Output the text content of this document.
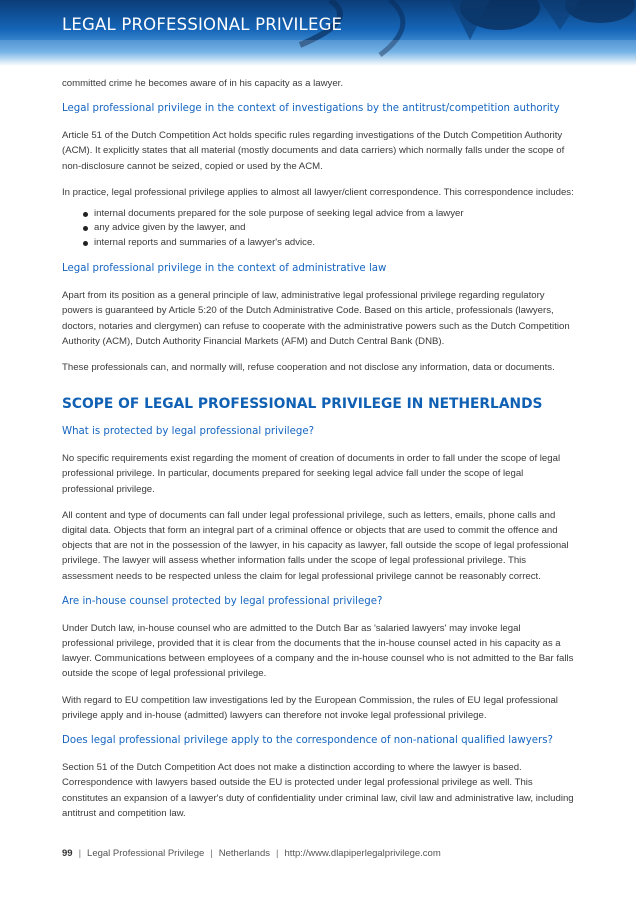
LEGAL PROFESSIONAL PRIVILEGE

committed crime he becomes aware of in his capacity as a lawyer.

Legal professional privilege in the context of investigations by the antitrust/competition authority

Article 51 of the Dutch Competition Act holds specific rules regarding investigations of the Dutch Competition Authority (ACM). It explicitly states that all material (mostly documents and data carriers) which normally falls under the scope of non-disclosure cannot be seized, copied or used by the ACM.

In practice, legal professional privilege applies to almost all lawyer/client correspondence. This correspondence includes:

internal documents prepared for the sole purpose of seeking legal advice from a lawyer
any advice given by the lawyer, and
internal reports and summaries of a lawyer's advice.
Legal professional privilege in the context of administrative law

Apart from its position as a general principle of law, administrative legal professional privilege regarding regulatory powers is guaranteed by Article 5:20 of the Dutch Administrative Code. Based on this article, professionals (lawyers, doctors, notaries and clergymen) can refuse to cooperate with the administrative powers such as the Dutch Competition Authority (ACM), Dutch Authority Financial Markets (AFM) and Dutch Central Bank (DNB).

These professionals can, and normally will, refuse cooperation and not disclose any information, data or documents.

SCOPE OF LEGAL PROFESSIONAL PRIVILEGE IN NETHERLANDS
What is protected by legal professional privilege?

No specific requirements exist regarding the moment of creation of documents in order to fall under the scope of legal professional privilege. In particular, documents prepared for seeking legal advice fall under the scope of legal professional privilege.

All content and type of documents can fall under legal professional privilege, such as letters, emails, phone calls and digital data. Objects that form an integral part of a criminal offence or objects that are used to commit the offence and objects that are not in the possession of the lawyer, in his capacity as lawyer, fall outside the scope of legal professional privilege. The lawyer will assess whether information falls under the scope of legal professional privilege. This assessment needs to be respected unless the claim for legal professional privilege cannot be reasonably correct.

Are in-house counsel protected by legal professional privilege?

Under Dutch law, in-house counsel who are admitted to the Dutch Bar as 'salaried lawyers' may invoke legal professional privilege, provided that it is clear from the documents that the in-house counsel acted in his capacity as a lawyer. Communications between employees of a company and the in-house counsel who is not admitted to the Bar falls outside the scope of legal professional privilege.

With regard to EU competition law investigations led by the European Commission, the rules of EU legal professional privilege apply and in-house (admitted) lawyers can therefore not invoke legal professional privilege.

Does legal professional privilege apply to the correspondence of non-national qualified lawyers?

Section 51 of the Dutch Competition Act does not make a distinction according to where the lawyer is based. Correspondence with lawyers based outside the EU is protected under legal professional privilege as well. This constitutes an expansion of a lawyer's duty of confidentiality under criminal law, civil law and administrative law, including antitrust and competition law.

99 | Legal Professional Privilege | Netherlands | http://www.dlapiperlegalprivilege.com
